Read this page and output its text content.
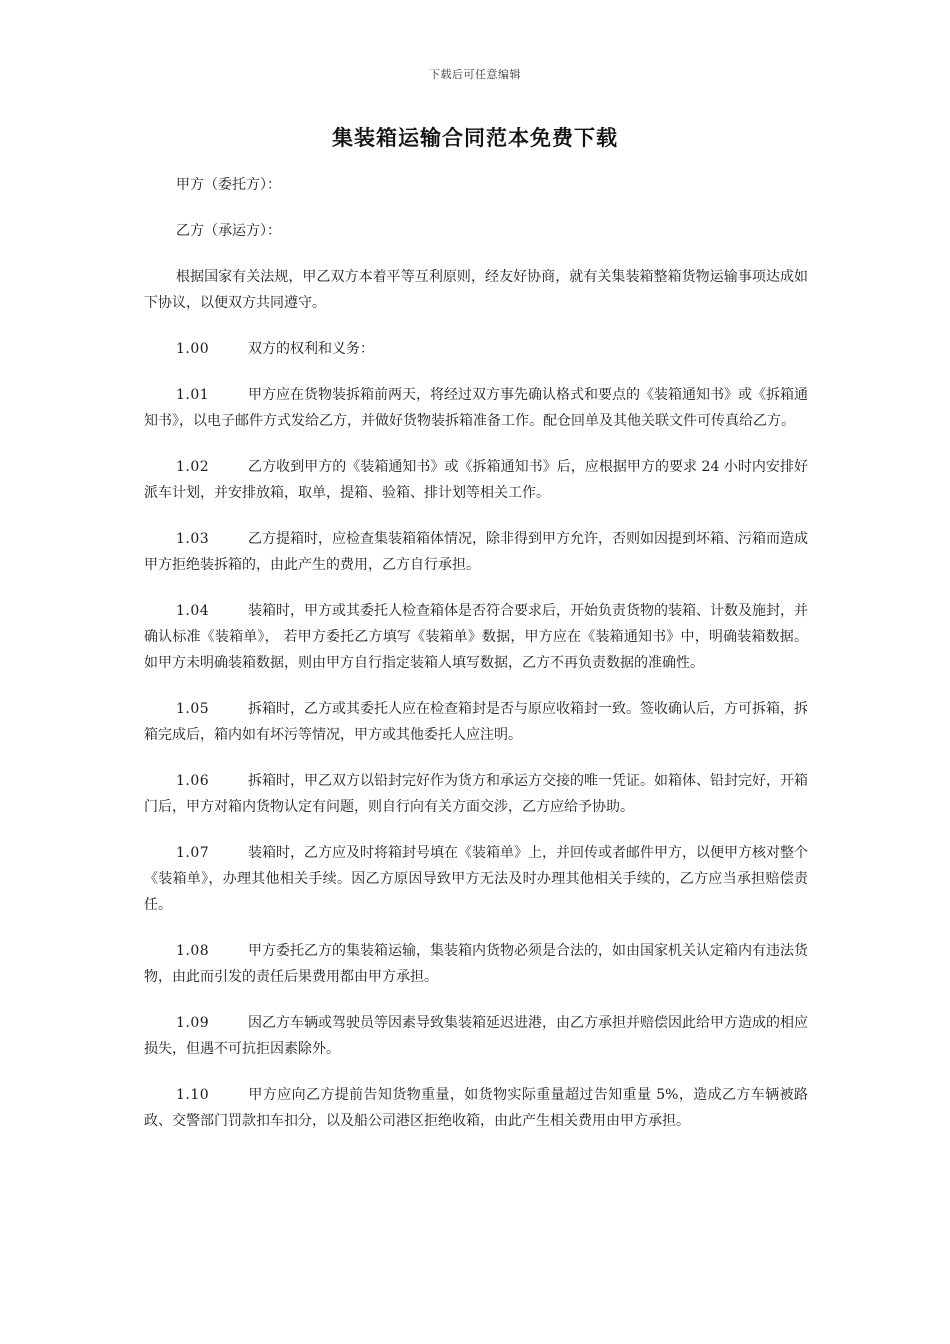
下载后可任意编辑
集装箱运输合同范本免费下载

甲方（委托方）：

乙方（承运方）：

根据国家有关法规，甲乙双方本着平等互利原则，经友好协商，就有关集装箱整箱货物运输事项达成如下协议，以便双方共同遵守。

1.00	双方的权利和义务：

1.01	甲方应在货物装拆箱前两天，将经过双方事先确认格式和要点的《装箱通知书》或《拆箱通知书》，以电子邮件方式发给乙方，并做好货物装拆箱准备工作。配仓回单及其他关联文件可传真给乙方。

1.02	乙方收到甲方的《装箱通知书》或《拆箱通知书》后，应根据甲方的要求 24 小时内安排好派车计划，并安排放箱，取单，提箱、验箱、排计划等相关工作。

1.03	乙方提箱时，应检查集装箱箱体情况，除非得到甲方允许，否则如因提到坏箱、污箱而造成甲方拒绝装拆箱的，由此产生的费用，乙方自行承担。

1.04	装箱时，甲方或其委托人检查箱体是否符合要求后，开始负责货物的装箱、计数及施封，并确认标准《装箱单》， 若甲方委托乙方填写《装箱单》数据，甲方应在《装箱通知书》中，明确装箱数据。如甲方未明确装箱数据，则由甲方自行指定装箱人填写数据，乙方不再负责数据的准确性。

1.05	拆箱时，乙方或其委托人应在检查箱封是否与原应收箱封一致。签收确认后，方可拆箱，拆箱完成后，箱内如有坏污等情况，甲方或其他委托人应注明。

1.06	拆箱时，甲乙双方以铅封完好作为货方和承运方交接的唯一凭证。如箱体、铅封完好，开箱门后，甲方对箱内货物认定有问题，则自行向有关方面交涉，乙方应给予协助。

1.07	装箱时，乙方应及时将箱封号填在《装箱单》上，并回传或者邮件甲方，以便甲方核对整个《装箱单》，办理其他相关手续。因乙方原因导致甲方无法及时办理其他相关手续的，乙方应当承担赔偿责任。

1.08	甲方委托乙方的集装箱运输，集装箱内货物必须是合法的，如由国家机关认定箱内有违法货物，由此而引发的责任后果费用都由甲方承担。

1.09	因乙方车辆或驾驶员等因素导致集装箱延迟进港，由乙方承担并赔偿因此给甲方造成的相应损失，但遇不可抗拒因素除外。

1.10	甲方应向乙方提前告知货物重量，如货物实际重量超过告知重量 5%，造成乙方车辆被路政、交警部门罚款扣车扣分，以及船公司港区拒绝收箱，由此产生相关费用由甲方承担。
